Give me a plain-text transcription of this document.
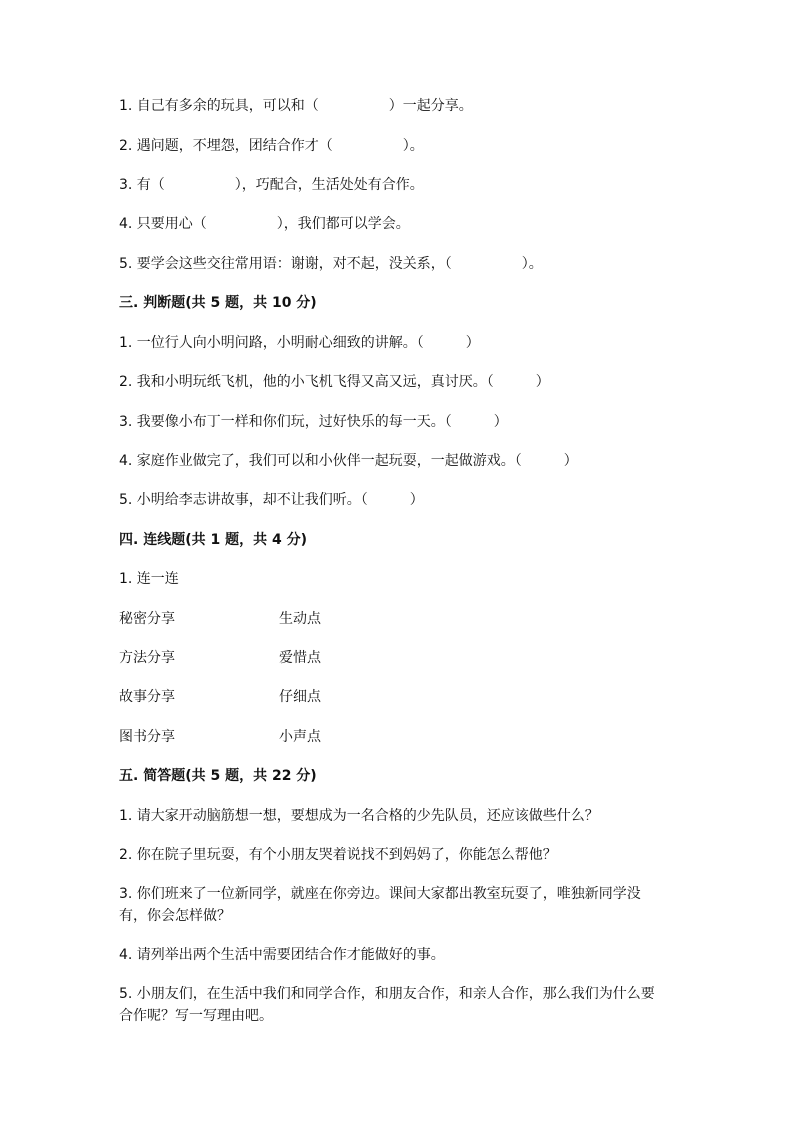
1. 自己有多余的玩具，可以和（　　　　　）一起分享。
2. 遇问题，不埋怨，团结合作才（　　　　　）。
3. 有（　　　　　），巧配合，生活处处有合作。
4. 只要用心（　　　　　），我们都可以学会。
5. 要学会这些交往常用语：谢谢，对不起，没关系，（　　　　　）。
三. 判断题(共 5 题，共 10 分)
1. 一位行人向小明问路，小明耐心细致的讲解。（　　　）
2. 我和小明玩纸飞机，他的小飞机飞得又高又远，真讨厌。（　　　）
3. 我要像小布丁一样和你们玩，过好快乐的每一天。（　　　）
4. 家庭作业做完了，我们可以和小伙伴一起玩耍，一起做游戏。（　　　）
5. 小明给李志讲故事，却不让我们听。（　　　）
四. 连线题(共 1 题，共 4 分)
1. 连一连
秘密分享	生动点
方法分享	爱惜点
故事分享	仔细点
图书分享	小声点
五. 简答题(共 5 题，共 22 分)
1. 请大家开动脑筋想一想，要想成为一名合格的少先队员，还应该做些什么？
2. 你在院子里玩耍，有个小朋友哭着说找不到妈妈了，你能怎么帮他？
3. 你们班来了一位新同学，就座在你旁边。课间大家都出教室玩耍了，唯独新同学没有，你会怎样做？
4. 请列举出两个生活中需要团结合作才能做好的事。
5. 小朋友们，在生活中我们和同学合作，和朋友合作，和亲人合作，那么我们为什么要合作呢？写一写理由吧。
